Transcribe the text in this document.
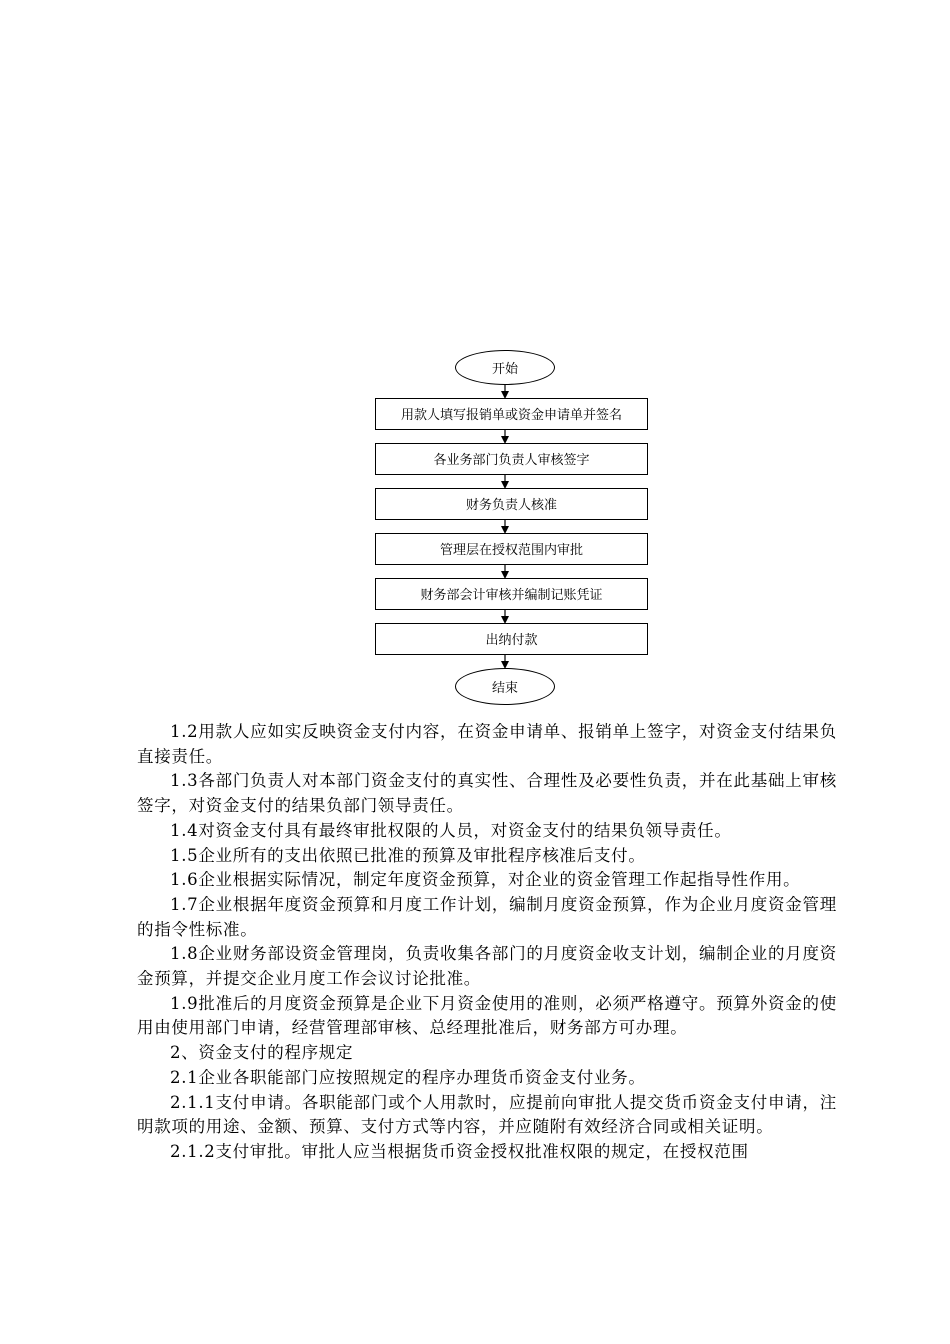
开始
用款人填写报销单或资金申请单并签名
各业务部门负责人审核签字
财务负责人核准
管理层在授权范围内审批
财务部会计审核并编制记账凭证
出纳付款
结束

1.2用款人应如实反映资金支付内容，在资金申请单、报销单上签字，对资金支付结果负直接责任。

1.3各部门负责人对本部门资金支付的真实性、合理性及必要性负责，并在此基础上审核签字，对资金支付的结果负部门领导责任。

1.4对资金支付具有最终审批权限的人员，对资金支付的结果负领导责任。

1.5企业所有的支出依照已批准的预算及审批程序核准后支付。

1.6企业根据实际情况，制定年度资金预算，对企业的资金管理工作起指导性作用。

1.7企业根据年度资金预算和月度工作计划，编制月度资金预算，作为企业月度资金管理的指令性标准。

1.8企业财务部设资金管理岗，负责收集各部门的月度资金收支计划，编制企业的月度资金预算，并提交企业月度工作会议讨论批准。

1.9批准后的月度资金预算是企业下月资金使用的准则，必须严格遵守。预算外资金的使用由使用部门申请，经营管理部审核、总经理批准后，财务部方可办理。

2、资金支付的程序规定

2.1企业各职能部门应按照规定的程序办理货币资金支付业务。

2.1.1支付申请。各职能部门或个人用款时，应提前向审批人提交货币资金支付申请，注明款项的用途、金额、预算、支付方式等内容，并应随附有效经济合同或相关证明。

2.1.2支付审批。审批人应当根据货币资金授权批准权限的规定，在授权范围
